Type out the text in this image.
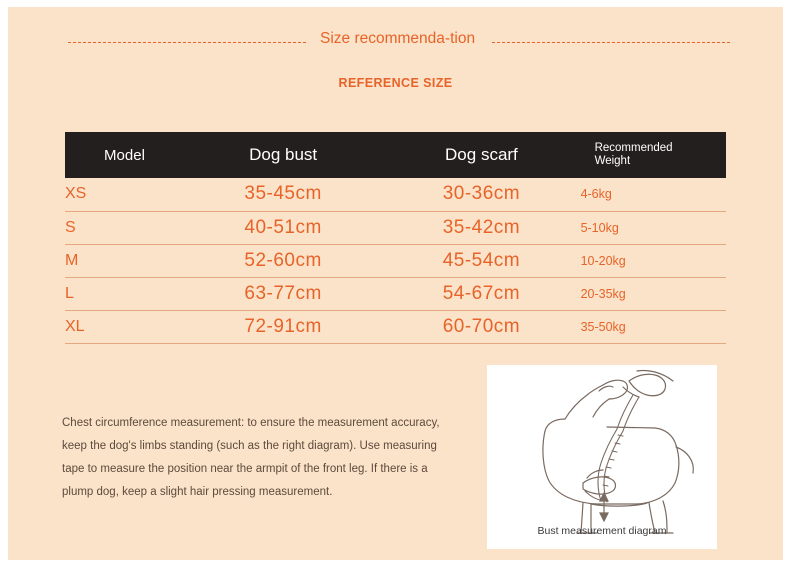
Size recommenda-tion
REFERENCE SIZE
Model	Dog bust	Dog scarf	Recommended
Weight

XS	35-45cm	30-36cm	4-6kg
S	40-51cm	35-42cm	5-10kg
M	52-60cm	45-54cm	10-20kg
L	63-77cm	54-67cm	20-35kg
XL	72-91cm	60-70cm	35-50kg
Chest circumference measurement: to ensure the measurement accuracy, keep the dog's limbs standing (such as the right diagram). Use measuring tape to measure the position near the armpit of the front leg. If there is a plump dog, keep a slight hair pressing measurement.
Bust measurement diagram
